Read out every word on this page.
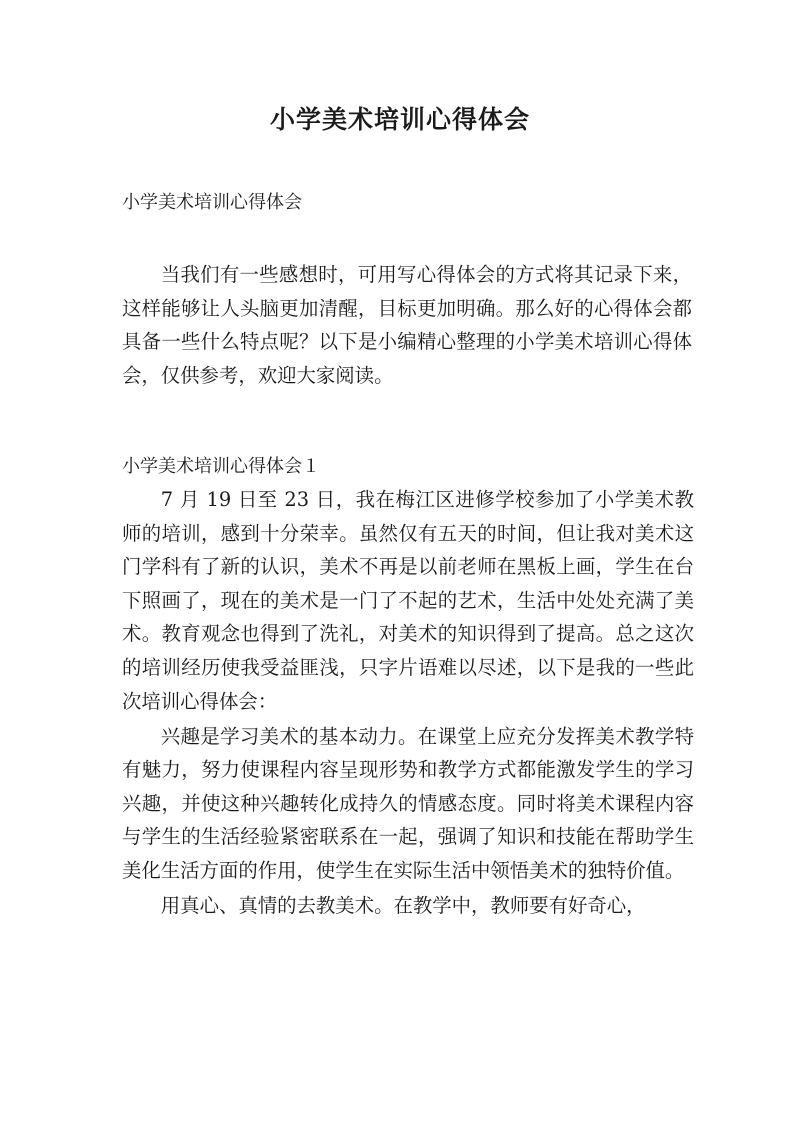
小学美术培训心得体会
小学美术培训心得体会

当我们有一些感想时，可用写心得体会的方式将其记录下来，这样能够让人头脑更加清醒，目标更加明确。那么好的心得体会都具备一些什么特点呢？以下是小编精心整理的小学美术培训心得体会，仅供参考，欢迎大家阅读。

小学美术培训心得体会１

7 月 19 日至 23 日，我在梅江区进修学校参加了小学美术教师的培训，感到十分荣幸。虽然仅有五天的时间，但让我对美术这门学科有了新的认识，美术不再是以前老师在黑板上画，学生在台下照画了，现在的美术是一门了不起的艺术，生活中处处充满了美术。教育观念也得到了洗礼，对美术的知识得到了提高。总之这次的培训经历使我受益匪浅，只字片语难以尽述，以下是我的一些此次培训心得体会：

兴趣是学习美术的基本动力。在课堂上应充分发挥美术教学特有魅力，努力使课程内容呈现形势和教学方式都能激发学生的学习兴趣，并使这种兴趣转化成持久的情感态度。同时将美术课程内容与学生的生活经验紧密联系在一起，强调了知识和技能在帮助学生美化生活方面的作用，使学生在实际生活中领悟美术的独特价值。

用真心、真情的去教美术。在教学中，教师要有好奇心，
